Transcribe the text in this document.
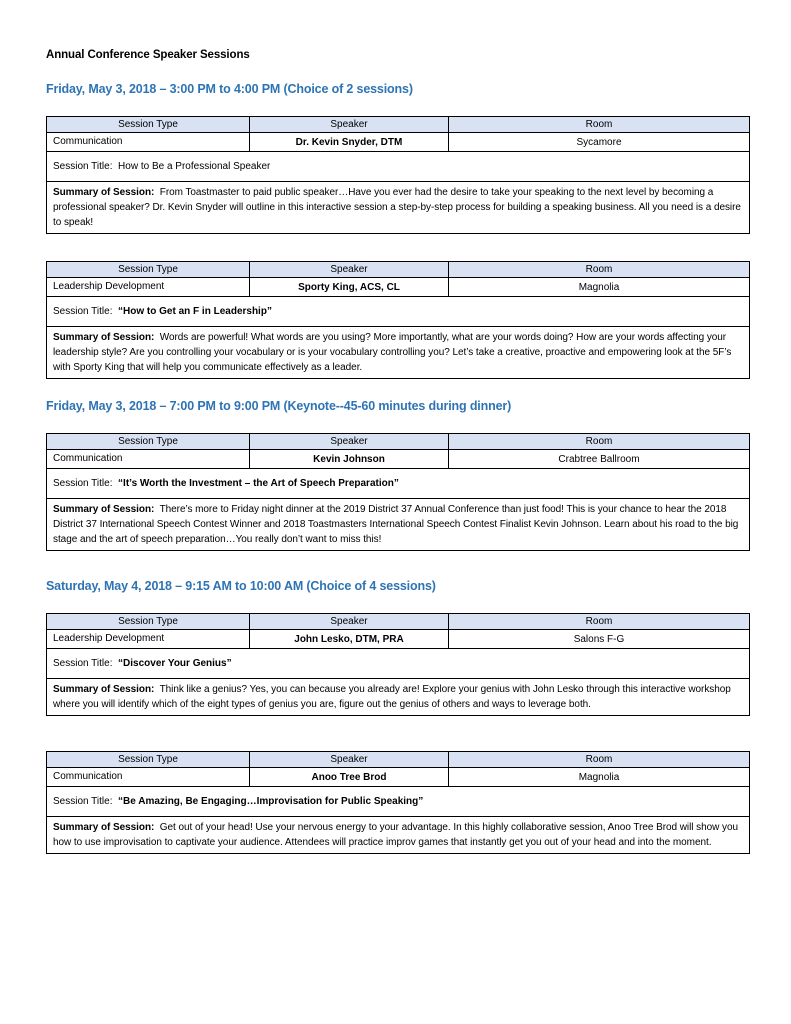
Annual Conference Speaker Sessions
Friday, May 3, 2018 – 3:00 PM to 4:00 PM (Choice of 2 sessions)
Session Type	Speaker	Room
Communication	Dr. Kevin Snyder, DTM	Sycamore
Session Title: How to Be a Professional Speaker		
Summary of Session: From Toastmaster to paid public speaker…Have you ever had the desire to take your speaking to the next level by becoming a professional speaker? Dr. Kevin Snyder will outline in this interactive session a step-by-step process for building a speaking business. All you need is a desire to speak!		
Session Type	Speaker	Room
Leadership Development	Sporty King, ACS, CL	Magnolia
Session Title: “How to Get an F in Leadership”		
Summary of Session: Words are powerful! What words are you using? More importantly, what are your words doing? How are your words affecting your leadership style? Are you controlling your vocabulary or is your vocabulary controlling you? Let’s take a creative, proactive and empowering look at the 5F’s with Sporty King that will help you communicate effectively as a leader.		
Friday, May 3, 2018 – 7:00 PM to 9:00 PM (Keynote--45-60 minutes during dinner)
Session Type	Speaker	Room
Communication	Kevin Johnson	Crabtree Ballroom
Session Title: “It’s Worth the Investment – the Art of Speech Preparation”		
Summary of Session: There’s more to Friday night dinner at the 2019 District 37 Annual Conference than just food! This is your chance to hear the 2018 District 37 International Speech Contest Winner and 2018 Toastmasters International Speech Contest Finalist Kevin Johnson. Learn about his road to the big stage and the art of speech preparation…You really don’t want to miss this!		
Saturday, May 4, 2018 – 9:15 AM to 10:00 AM (Choice of 4 sessions)
Session Type	Speaker	Room
Leadership Development	John Lesko, DTM, PRA	Salons F-G
Session Title: “Discover Your Genius”		
Summary of Session: Think like a genius? Yes, you can because you already are! Explore your genius with John Lesko through this interactive workshop where you will identify which of the eight types of genius you are, figure out the genius of others and ways to leverage both.		
Session Type	Speaker	Room
Communication	Anoo Tree Brod	Magnolia
Session Title: “Be Amazing, Be Engaging…Improvisation for Public Speaking”		
Summary of Session: Get out of your head! Use your nervous energy to your advantage. In this highly collaborative session, Anoo Tree Brod will show you how to use improvisation to captivate your audience. Attendees will practice improv games that instantly get you out of your head and into the moment.		
